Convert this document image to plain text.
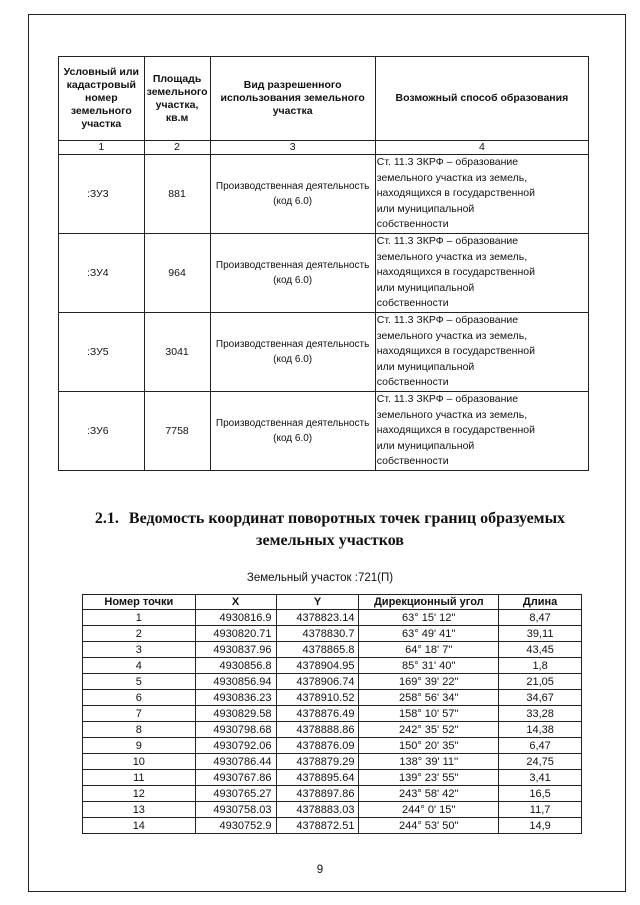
Условный или кадастровый номер земельного участка	Площадь земельного участка, кв.м	Вид разрешенного использования земельного участка	Возможный способ образования
1	2	3	4
:ЗУ3	881	Производственная деятельность (код 6.0)	Ст. 11.3 ЗКРФ – образование
земельного участка из земель,
находящихся в государственной
или муниципальной
собственности

:ЗУ4	964	Производственная деятельность (код 6.0)	Ст. 11.3 ЗКРФ – образование
земельного участка из земель,
находящихся в государственной
или муниципальной
собственности

:ЗУ5	3041	Производственная деятельность (код 6.0)	Ст. 11.3 ЗКРФ – образование
земельного участка из земель,
находящихся в государственной
или муниципальной
собственности

:ЗУ6	7758	Производственная деятельность (код 6.0)	Ст. 11.3 ЗКРФ – образование
земельного участка из земель,
находящихся в государственной
или муниципальной
собственности
2.1. Ведомость координат поворотных точек границ образуемых
земельных участков
Земельный участок :721(П)
Номер точки	X	Y	Дирекционный угол	Длина
1	4930816.9	4378823.14	63° 15' 12''	8,47
2	4930820.71	4378830.7	63° 49' 41''	39,11
3	4930837.96	4378865.8	64° 18' 7''	43,45
4	4930856.8	4378904.95	85° 31' 40''	1,8
5	4930856.94	4378906.74	169° 39' 22''	21,05
6	4930836.23	4378910.52	258° 56' 34''	34,67
7	4930829.58	4378876.49	158° 10' 57''	33,28
8	4930798.68	4378888.86	242° 35' 52''	14,38
9	4930792.06	4378876.09	150° 20' 35''	6,47
10	4930786.44	4378879.29	138° 39' 11''	24,75
11	4930767.86	4378895.64	139° 23' 55''	3,41
12	4930765.27	4378897.86	243° 58' 42''	16,5
13	4930758.03	4378883.03	244° 0' 15''	11,7
14	4930752.9	4378872.51	244° 53' 50''	14,9
9
